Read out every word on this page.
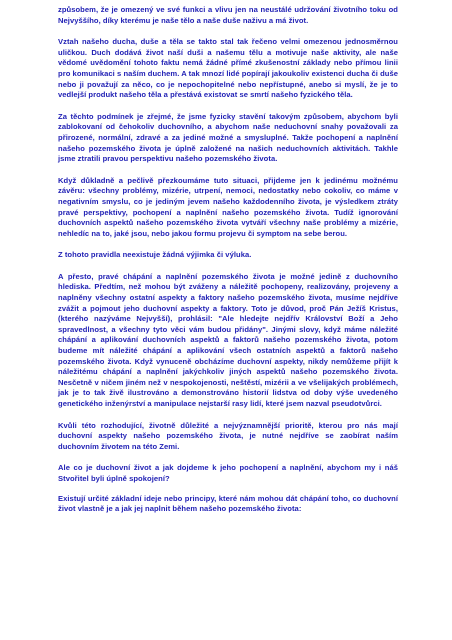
způsobem, že je omezený ve své funkci a vlivu jen na neustálé udržování životního toku od Nejvyššího, díky kterému je naše tělo a naše duše naživu a má život.

Vztah našeho ducha, duše a těla se takto stal tak řečeno velmi omezenou jednosměrnou uličkou. Duch dodává život naší duši a našemu tělu a motivuje naše aktivity, ale naše vědomé uvědomění tohoto faktu nemá žádné přímé zkušenostní základy nebo přímou linii pro komunikaci s naším duchem. A tak mnozí lidé popírají jakoukoliv existenci ducha či duše nebo ji považují za něco, co je nepochopitelné nebo nepřístupné, anebo si myslí, že je to vedlejší produkt našeho těla a přestává existovat se smrtí našeho fyzického těla.

Za těchto podmínek je zřejmé, že jsme fyzicky stavění takovým způsobem, abychom byli zablokovaní od čehokoliv duchovního, a abychom naše neduchovní snahy považovali za přirozené, normální, zdravé a za jediné možné a smysluplné. Takže pochopení a naplnění našeho pozemského života je úplně založené na našich neduchovních aktivitách. Takhle jsme ztratili pravou perspektivu našeho pozemského života.

Když důkladně a pečlivě přezkoumáme tuto situaci, přijdeme jen k jedinému možnému závěru: všechny problémy, mizérie, utrpení, nemoci, nedostatky nebo cokoliv, co máme v negativním smyslu, co je jediným jevem našeho každodenního života, je výsledkem ztráty pravé perspektivy, pochopení a naplnění našeho pozemského života. Tudíž ignorování duchovních aspektů našeho pozemského života vytváří všechny naše problémy a mizérie, nehledíc na to, jaké jsou, nebo jakou formu projevu či symptom na sebe berou.

Z tohoto pravidla neexistuje žádná výjimka či výluka.

A přesto, pravé chápání a naplnění pozemského života je možné jedině z duchovního hlediska. Předtím, než mohou být zváženy a náležitě pochopeny, realizovány, projeveny a naplněny všechny ostatní aspekty a faktory našeho pozemského života, musíme nejdříve zvážit a pojmout jeho duchovní aspekty a faktory. Toto je důvod, proč Pán Ježíš Kristus, (kterého nazýváme Nejvyšší), prohlásil: "Ale hledejte nejdřív Království Boží a Jeho spravedlnost, a všechny tyto věci vám budou přidány". Jinými slovy, když máme náležité chápání a aplikování duchovních aspektů a faktorů našeho pozemského života, potom budeme mít náležité chápání a aplikování všech ostatních aspektů a faktorů našeho pozemského života. Když vynuceně obcházíme duchovní aspekty, nikdy nemůžeme přijít k náležitému chápání a naplnění jakýchkoliv jiných aspektů našeho pozemského života. Nesčetně v ničem jiném než v nespokojenosti, neštěstí, mizérii a ve všelijakých problémech, jak je to tak živě ilustrováno a demonstrováno historií lidstva od doby výše uvedeného genetického inženýrství a manipulace nejstarší rasy lidí, které jsem nazval pseudotvůrci.

Kvůli této rozhodující, životně důležité a nejvýznamnější prioritě, kterou pro nás mají duchovní aspekty našeho pozemského života, je nutné nejdříve se zaobírat naším duchovním životem na této Zemi.

Ale co je duchovní život a jak dojdeme k jeho pochopení a naplnění, abychom my i náš Stvořitel byli úplně spokojení?

Existují určité základní ideje nebo principy, které nám mohou dát chápání toho, co duchovní život vlastně je a jak jej naplnit během našeho pozemského života:
